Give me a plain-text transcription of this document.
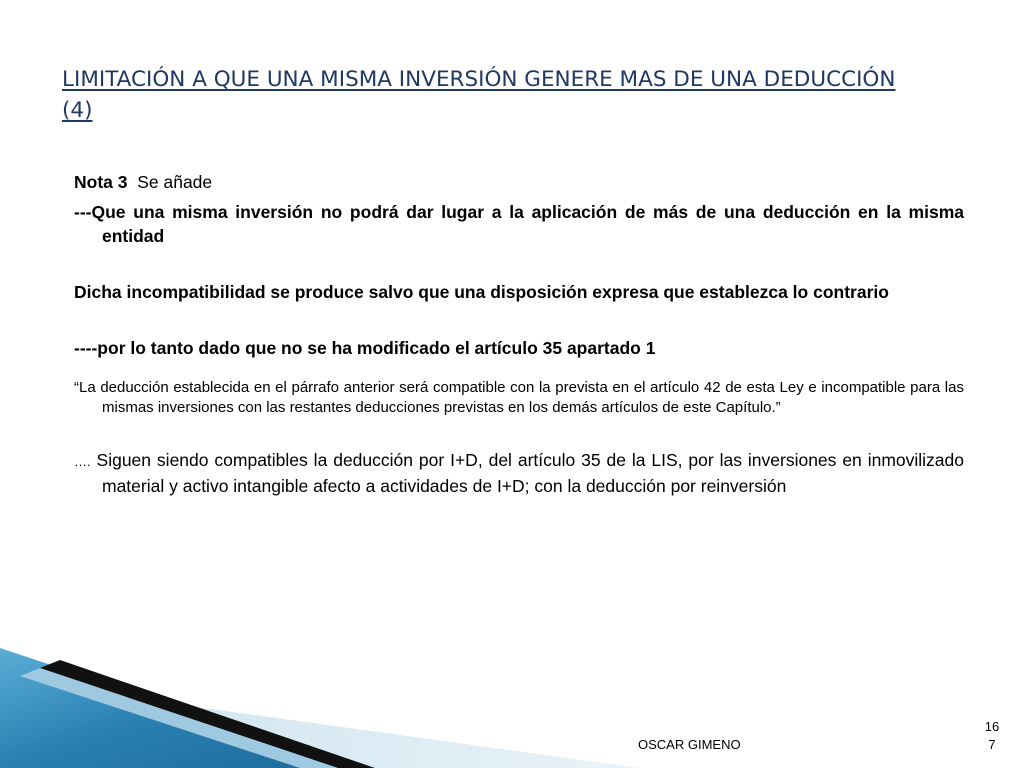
LIMITACIÓN A QUE UNA MISMA INVERSIÓN GENERE MAS DE UNA DEDUCCIÓN (4)

Nota 3 Se añade

---Que una misma inversión no podrá dar lugar a la aplicación de más de una deducción en la misma entidad

Dicha incompatibilidad se produce salvo que una disposición expresa que establezca lo contrario

----por lo tanto dado que no se ha modificado el artículo 35 apartado 1

“La deducción establecida en el párrafo anterior será compatible con la prevista en el artículo 42 de esta Ley e incompatible para las mismas inversiones con las restantes deducciones previstas en los demás artículos de este Capítulo.”

…. Siguen siendo compatibles la deducción por I+D, del artículo 35 de la LIS, por las inversiones en inmovilizado material y activo intangible afecto a actividades de I+D; con la deducción por reinversión

OSCAR GIMENO
16
7
